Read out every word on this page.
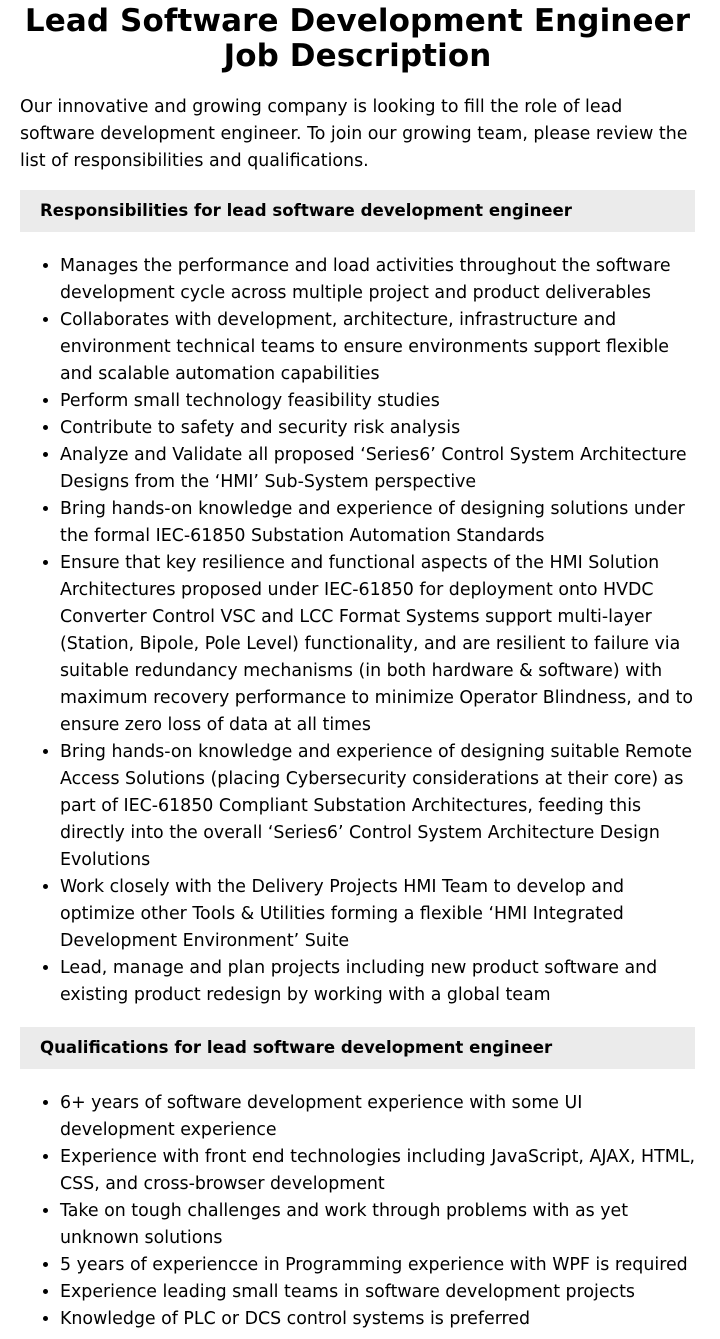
Lead Software Development Engineer Job Description

Our innovative and growing company is looking to fill the role of lead software development engineer. To join our growing team, please review the list of responsibilities and qualifications.

Responsibilities for lead software development engineer
• Manages the performance and load activities throughout the software development cycle across multiple project and product deliverables
• Collaborates with development, architecture, infrastructure and environment technical teams to ensure environments support flexible and scalable automation capabilities
• Perform small technology feasibility studies
• Contribute to safety and security risk analysis
• Analyze and Validate all proposed ‘Series6’ Control System Architecture Designs from the ‘HMI’ Sub-System perspective
• Bring hands-on knowledge and experience of designing solutions under the formal IEC-61850 Substation Automation Standards
• Ensure that key resilience and functional aspects of the HMI Solution Architectures proposed under IEC-61850 for deployment onto HVDC Converter Control VSC and LCC Format Systems support multi-layer (Station, Bipole, Pole Level) functionality, and are resilient to failure via suitable redundancy mechanisms (in both hardware & software) with maximum recovery performance to minimize Operator Blindness, and to ensure zero loss of data at all times
• Bring hands-on knowledge and experience of designing suitable Remote Access Solutions (placing Cybersecurity considerations at their core) as part of IEC-61850 Compliant Substation Architectures, feeding this directly into the overall ‘Series6’ Control System Architecture Design Evolutions
• Work closely with the Delivery Projects HMI Team to develop and optimize other Tools & Utilities forming a flexible ‘HMI Integrated Development Environment’ Suite
• Lead, manage and plan projects including new product software and existing product redesign by working with a global team
Qualifications for lead software development engineer
• 6+ years of software development experience with some UI development experience
• Experience with front end technologies including JavaScript, AJAX, HTML, CSS, and cross-browser development
• Take on tough challenges and work through problems with as yet unknown solutions
• 5 years of experiencce in Programming experience with WPF is required
• Experience leading small teams in software development projects
• Knowledge of PLC or DCS control systems is preferred
